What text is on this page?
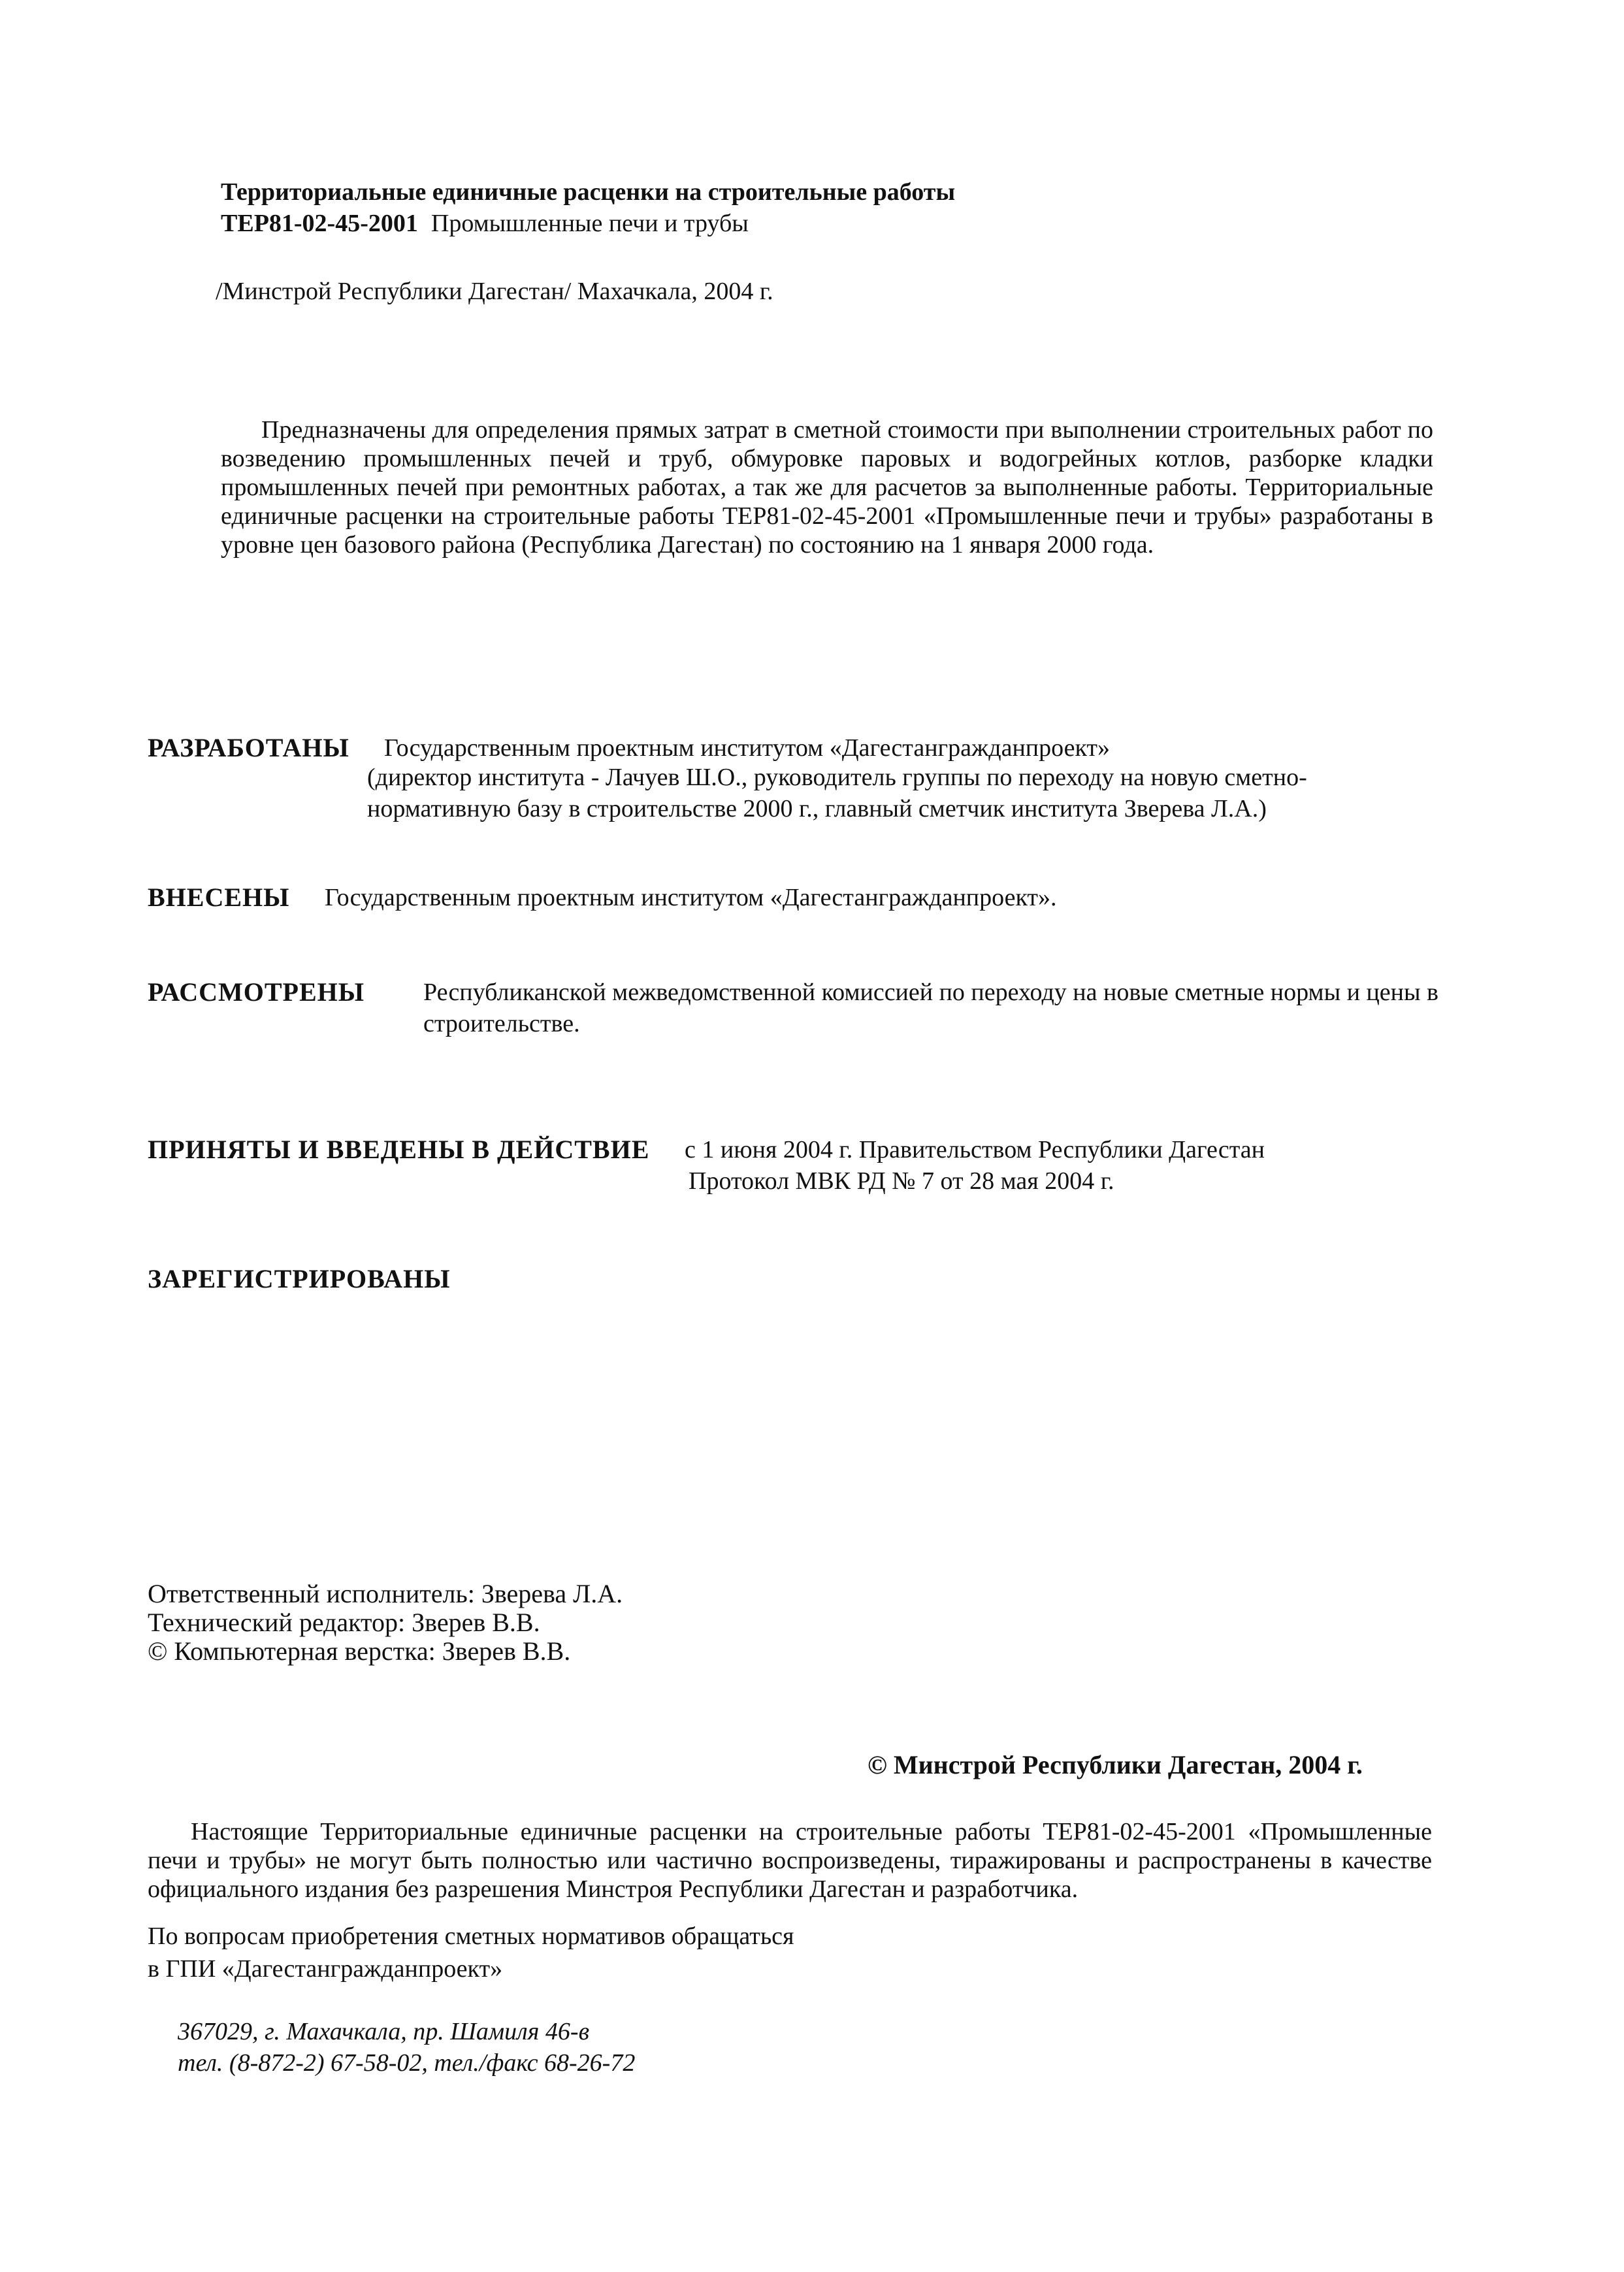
Территориальные единичные расценки на строительные работы
ТЕР81-02-45-2001 Промышленные печи и трубы
/Минстрой Республики Дагестан/ Махачкала, 2004 г.

Предназначены для определения прямых затрат в сметной стоимости при выполнении строительных работ по возведению промышленных печей и труб, обмуровке паровых и водогрейных котлов, разборке кладки промышленных печей при ремонтных работах, а так же для расчетов за выполненные работы. Территориальные единичные расценки на строительные работы ТЕР81-02-45-2001 «Промышленные печи и трубы» разработаны в уровне цен базового района (Республика Дагестан) по состоянию на 1 января 2000 года.

РАЗРАБОТАНЫ Государственным проектным институтом «Дагестангражданпроект»
(директор института - Лачуев Ш.О., руководитель группы по переходу на новую сметно-
нормативную базу в строительстве 2000 г., главный сметчик института Зверева Л.А.)
ВНЕСЕНЫ Государственным проектным институтом «Дагестангражданпроект».
РАССМОТРЕНЫ Республиканской межведомственной комиссией по переходу на новые сметные нормы и цены в
строительстве.
ПРИНЯТЫ И ВВЕДЕНЫ В ДЕЙСТВИЕ с 1 июня 2004 г. Правительством Республики Дагестан
Протокол МВК РД № 7 от 28 мая 2004 г.
ЗАРЕГИСТРИРОВАНЫ
Ответственный исполнитель: Зверева Л.А.
Технический редактор: Зверев В.В.
© Компьютерная верстка: Зверев В.В.
© Минстрой Республики Дагестан, 2004 г.

Настоящие Территориальные единичные расценки на строительные работы ТЕР81-02-45-2001 «Промышленные печи и трубы» не могут быть полностью или частично воспроизведены, тиражированы и распространены в качестве официального издания без разрешения Минстроя Республики Дагестан и разработчика.

По вопросам приобретения сметных нормативов обращаться
в ГПИ «Дагестангражданпроект»
367029, г. Махачкала, пр. Шамиля 46-в
тел. (8-872-2) 67-58-02, тел./факс 68-26-72
